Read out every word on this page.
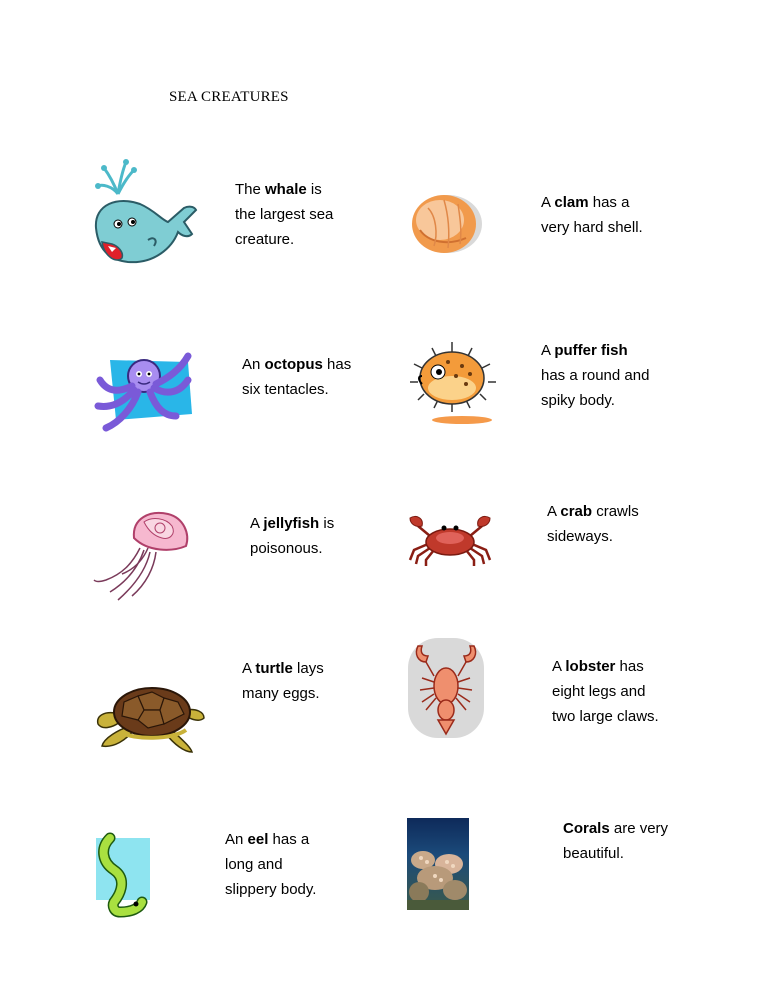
SEA CREATURES
The whale is
the largest sea
creature.
A clam has a
very hard shell.
An octopus has
six tentacles.
A puffer fish
has a round and
spiky body.
A jellyfish is
poisonous.
A crab crawls
sideways.
A turtle lays
many eggs.
A lobster has
eight legs and
two large claws.
An eel has a
long and
slippery body.
Corals are very
beautiful.
